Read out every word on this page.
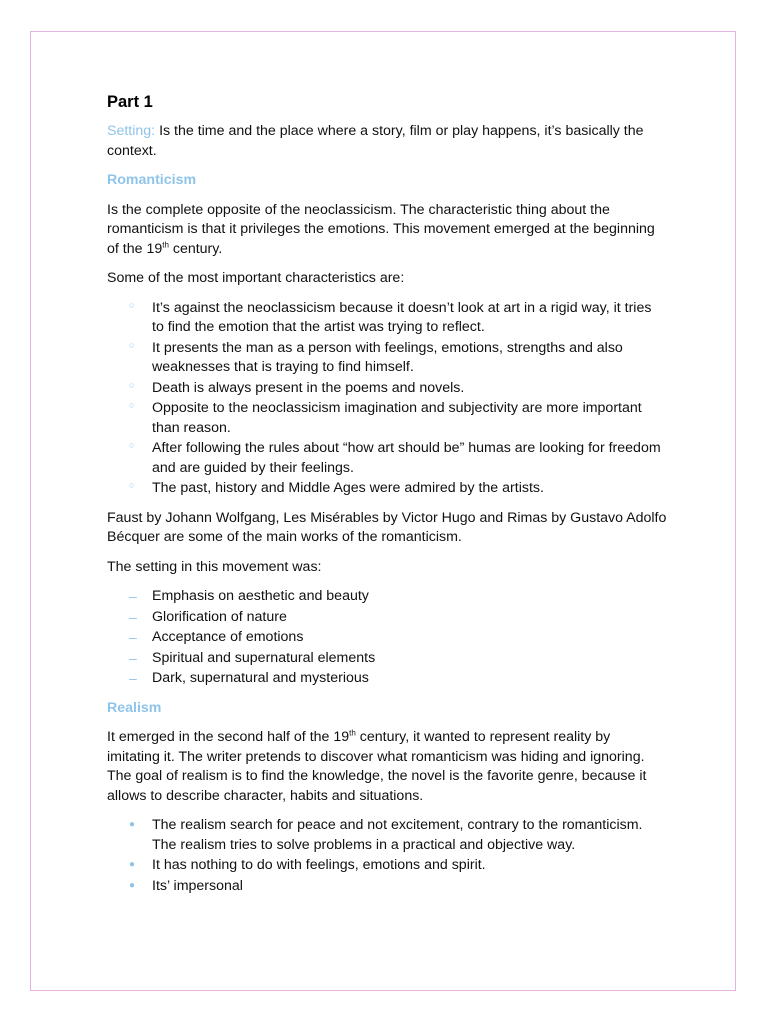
Part 1

Setting: Is the time and the place where a story, film or play happens, it’s basically the context.

Romanticism

Is the complete opposite of the neoclassicism. The characteristic thing about the romanticism is that it privileges the emotions. This movement emerged at the beginning of the 19th century.

Some of the most important characteristics are:

○ It’s against the neoclassicism because it doesn’t look at art in a rigid way, it tries to find the emotion that the artist was trying to reflect.
○ It presents the man as a person with feelings, emotions, strengths and also weaknesses that is traying to find himself.
○ Death is always present in the poems and novels.
○ Opposite to the neoclassicism imagination and subjectivity are more important than reason.
○ After following the rules about “how art should be” humas are looking for freedom and are guided by their feelings.
○ The past, history and Middle Ages were admired by the artists.

Faust by Johann Wolfgang, Les Misérables by Victor Hugo and Rimas by Gustavo Adolfo Bécquer are some of the main works of the romanticism.

The setting in this movement was:

– Emphasis on aesthetic and beauty
– Glorification of nature
– Acceptance of emotions
– Spiritual and supernatural elements
– Dark, supernatural and mysterious
Realism

It emerged in the second half of the 19th century, it wanted to represent reality by imitating it. The writer pretends to discover what romanticism was hiding and ignoring. The goal of realism is to find the knowledge, the novel is the favorite genre, because it allows to describe character, habits and situations.

● The realism search for peace and not excitement, contrary to the romanticism. The realism tries to solve problems in a practical and objective way.
● It has nothing to do with feelings, emotions and spirit.
● Its’ impersonal
